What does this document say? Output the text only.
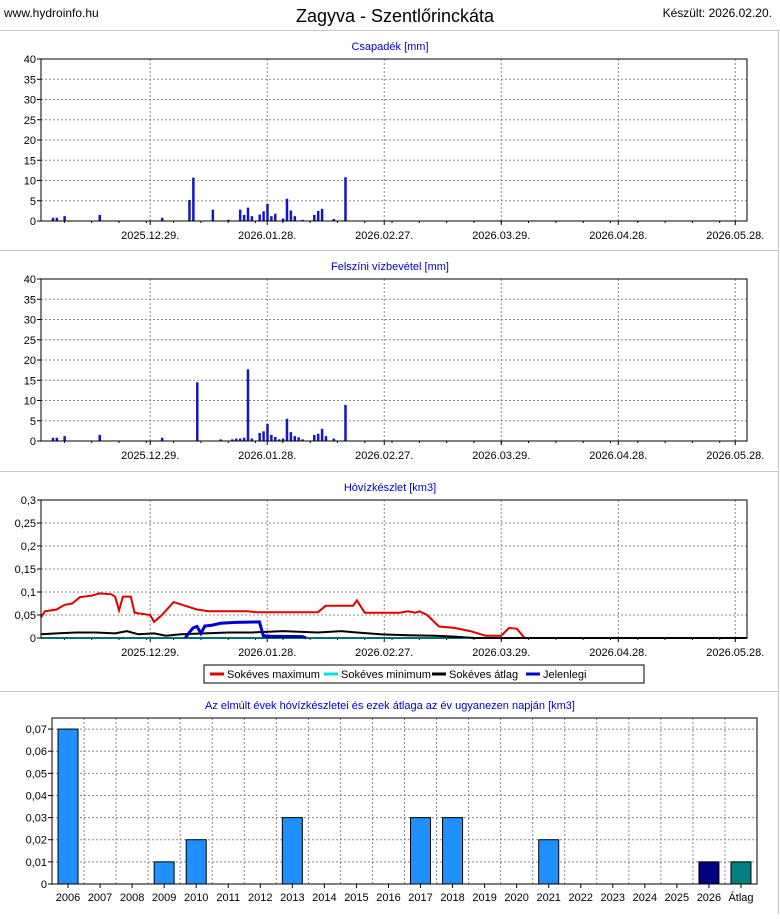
www.hydroinfo.hu	Zagyva - Szentlőrinckáta	Készült: 2026.02.20.
Csapadék [mm]
0
5
10
15
20
25
30
35
40
2025.12.29.	2026.01.28.	2026.02.27.	2026.03.29.	2026.04.28.	2026.05.28.
Felszíni vízbevétel [mm]
0
5
10
15
20
25
30
35
40
2025.12.29.	2026.01.28.	2026.02.27.	2026.03.29.	2026.04.28.	2026.05.28.
Hóvízkészlet [km3]
0
0,05
0,1
0,15
0,2
0,25
0,3
2025.12.29.	2026.01.28.	2026.02.27.	2026.03.29.	2026.04.28.	2026.05.28.
Sokéves maximum Sokéves minimum Sokéves átlag Jelenlegi
Az elmúlt évek hóvízkészletei és ezek átlaga az év ugyanezen napján [km3]
0
0,01
0,02
0,03
0,04
0,05
0,06
0,07
2006 2007 2008 2009 2010 2011 2012 2013 2014 2015 2016 2017 2018 2019 2020 2021 2022 2023 2024 2025 2026 Átlag
